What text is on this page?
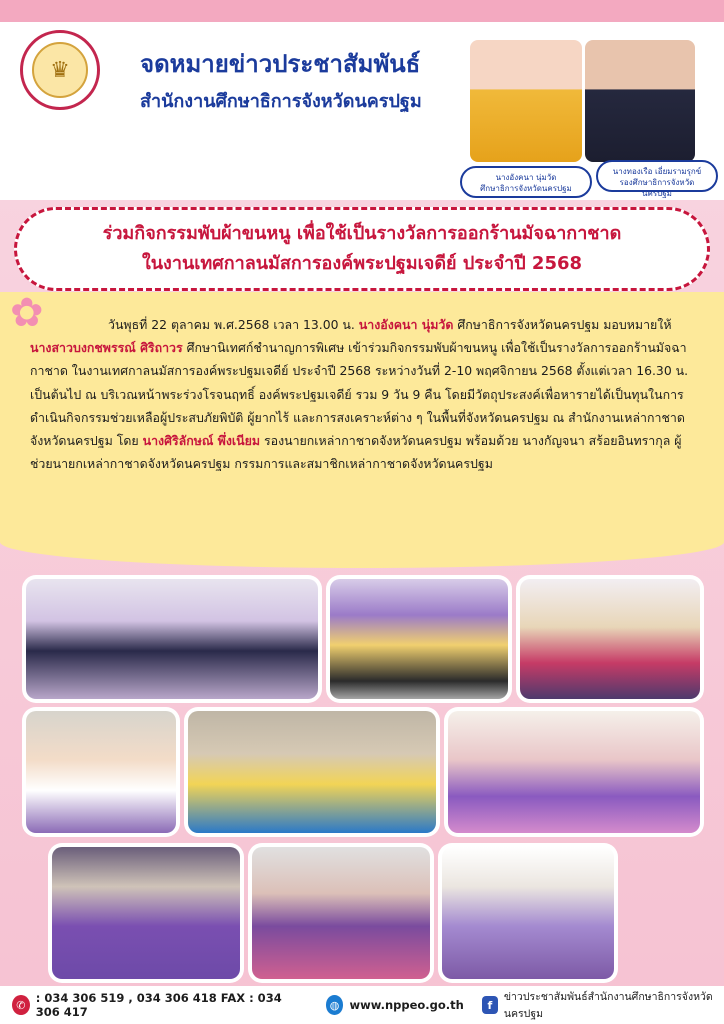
♛	จดหมายข่าวประชาสัมพันธ์
สำนักงานศึกษาธิการจังหวัดนครปฐม
นางอังคนา นุ่มวัด
ศึกษาธิการจังหวัดนครปฐม
นางทองเรือ เอี่ยมรามรุกข์
รองศึกษาธิการจังหวัดนครปฐม
ร่วมกิจกรรมพับผ้าขนหนู เพื่อใช้เป็นรางวัลการออกร้านมัจฉากาชาด
ในงานเทศกาลนมัสการองค์พระปฐมเจดีย์ ประจำปี 2568
✿	วันพุธที่ 22 ตุลาคม พ.ศ.2568 เวลา 13.00 น. นางอังคนา นุ่มวัด ศึกษาธิการจังหวัดนครปฐม มอบหมายให้ นางสาวบงกชพรรณ์ ศิริถาวร ศึกษานิเทศก์ชำนาญการพิเศษ เข้าร่วมกิจกรรมพับผ้าขนหนู เพื่อใช้เป็นรางวัลการออกร้านมัจฉากาชาด ในงานเทศกาลนมัสการองค์พระปฐมเจดีย์ ประจำปี 2568 ระหว่างวันที่ 2-10 พฤศจิกายน 2568 ตั้งแต่เวลา 16.30 น. เป็นต้นไป ณ บริเวณหน้าพระร่วงโรจนฤทธิ์ องค์พระปฐมเจดีย์ รวม 9 วัน 9 คืน โดยมีวัตถุประสงค์เพื่อหารายได้เป็นทุนในการดำเนินกิจกรรมช่วยเหลือผู้ประสบภัยพิบัติ ผู้ยากไร้ และการสงเคราะห์ต่าง ๆ ในพื้นที่จังหวัดนครปฐม ณ สำนักงานเหล่ากาชาดจังหวัดนครปฐม โดย นางศิริลักษณ์ พึ่งเนียม รองนายกเหล่ากาชาดจังหวัดนครปฐม พร้อมด้วย นางกัญจนา สร้อยอินทรากุล ผู้ช่วยนายกเหล่ากาชาดจังหวัดนครปฐม กรรมการและสมาชิกเหล่ากาชาดจังหวัดนครปฐม
✆ : 034 306 519 , 034 306 418 FAX : 034 306 417	◍ www.nppeo.go.th	f
ข่าวประชาสัมพันธ์สำนักงานศึกษาธิการจังหวัดนครปฐม
